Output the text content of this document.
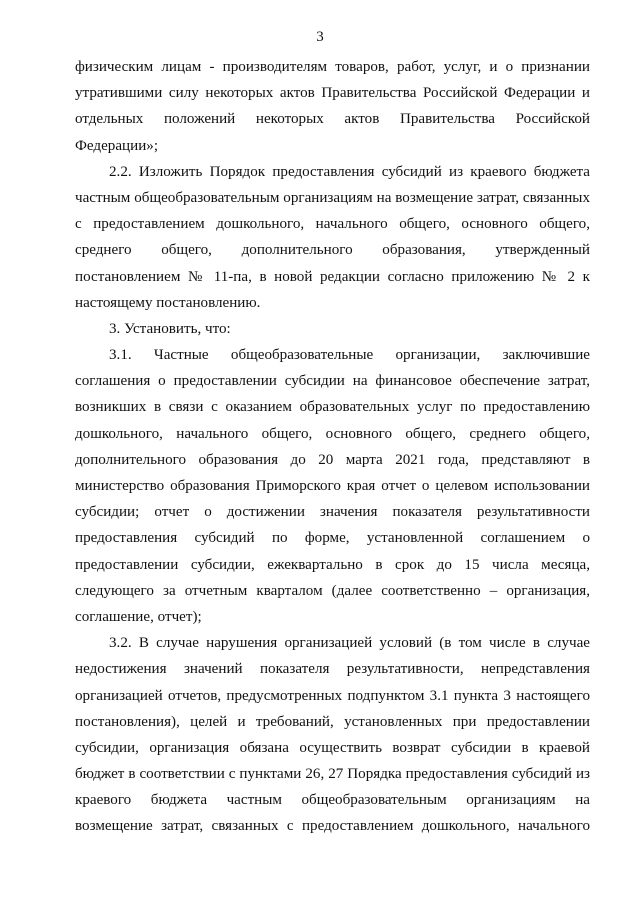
3
физическим лицам - производителям товаров, работ, услуг, и о признании
утратившими силу некоторых актов Правительства Российской Федерации и
отдельных положений некоторых актов Правительства Российской
Федерации»;
2.2. Изложить Порядок предоставления субсидий из краевого бюджета
частным общеобразовательным организациям на возмещение затрат, связанных
с предоставлением дошкольного, начального общего, основного общего,
среднего общего, дополнительного образования, утвержденный
постановлением № 11-па, в новой редакции согласно приложению № 2 к
настоящему постановлению.
3. Установить, что:
3.1. Частные общеобразовательные организации, заключившие
соглашения о предоставлении субсидии на финансовое обеспечение затрат,
возникших в связи с оказанием образовательных услуг по предоставлению
дошкольного, начального общего, основного общего, среднего общего,
дополнительного образования до 20 марта 2021 года, представляют в
министерство образования Приморского края отчет о целевом использовании
субсидии; отчет о достижении значения показателя результативности
предоставления субсидий по форме, установленной соглашением о
предоставлении субсидии, ежеквартально в срок до 15 числа месяца,
следующего за отчетным кварталом (далее соответственно – организация,
соглашение, отчет);
3.2. В случае нарушения организацией условий (в том числе в случае
недостижения значений показателя результативности, непредставления
организацией отчетов, предусмотренных подпунктом 3.1 пункта 3 настоящего
постановления), целей и требований, установленных при предоставлении
субсидии, организация обязана осуществить возврат субсидии в краевой
бюджет в соответствии с пунктами 26, 27 Порядка предоставления субсидий из
краевого бюджета частным общеобразовательным организациям на
возмещение затрат, связанных с предоставлением дошкольного, начального
